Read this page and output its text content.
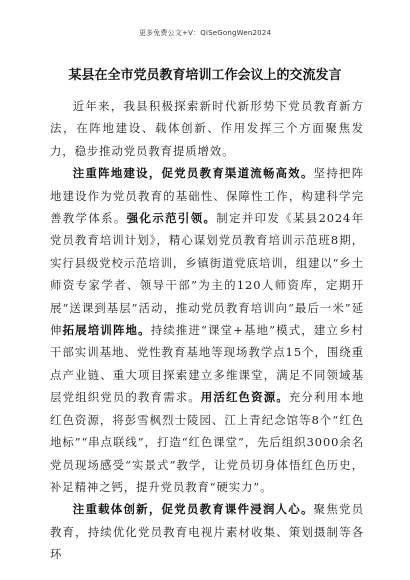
更多免费公文+V：QiSeGongWen2024
某县在全市党员教育培训工作会议上的交流发言

近年来，我县积极探索新时代新形势下党员教育新方法，在阵地建设、载体创新、作用发挥三个方面聚焦发力，稳步推动党员教育提质增效。

注重阵地建设，促党员教育渠道流畅高效。坚持把阵地建设作为党员教育的基础性、保障性工作，构建科学完善教学体系。强化示范引领。制定并印发《某县2024年党员教育培训计划》，精心谋划党员教育培训示范班8期，实行县级党校示范培训，乡镇街道党底培训，组建以“乡土师资专家学者、领导干部”为主的120人师资库，定期开展“送课到基层”活动，推动党员教育培训向“最后一米”延伸拓展培训阵地。持续推进“课堂+基地”模式，建立乡村干部实训基地、党性教育基地等现场教学点15个，围绕重点产业链、重大项目探索建立多维课堂，满足不同领域基层党组织党员的教育需求。用活红色资源。充分利用本地红色资源，将彭雪枫烈士陵园、江上青纪念馆等8个“红色地标”“串点联线”，打造“红色课堂”，先后组织3000余名党员现场感受“实景式”教学，让党员切身体悟红色历史，补足精神之钙，提升党员教育“硬实力”。

注重载体创新，促党员教育课件浸润人心。聚焦党员教育，持续优化党员教育电视片素材收集、策划摄制等各环
